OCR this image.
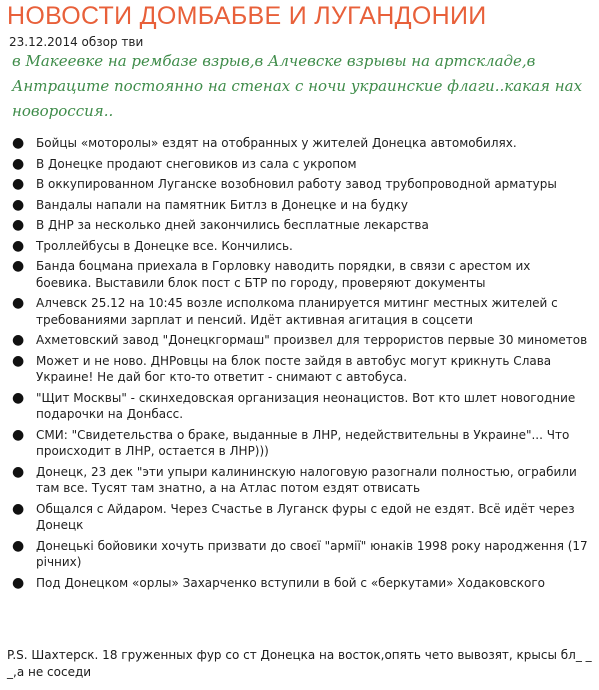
НОВОСТИ ДОМБАБВЕ И ЛУГАНДОНИИ
23.12.2014 обзор тви

в Макеевке на рембазе взрыв,в Алчевске взрывы на артскладе,в Антраците постоянно на стенах с ночи украинские флаги..какая нах новороссия..

● Бойцы «моторолы» ездят на отобранных у жителей Донецка автомобилях.
● В Донецке продают снеговиков из сала с укропом
● В оккупированном Луганске возобновил работу завод трубопроводной арматуры
● Вандалы напали на памятник Битлз в Донецке и на будку
● В ДНР за несколько дней закончились бесплатные лекарства
● Троллейбусы в Донецке все. Кончились.
● Банда боцмана приехала в Горловку наводить порядки, в связи с арестом их боевика. Выставили блок пост с БТР по городу, проверяют документы
● Алчевск 25.12 на 10:45 возле исполкома планируется митинг местных жителей с требованиями зарплат и пенсий. Идёт активная агитация в соцсети
● Ахметовский завод "Донецкгормаш" произвел для террористов первые 30 минометов
● Может и не ново. ДНРовцы на блок посте зайдя в автобус могут крикнуть Слава Украине! Не дай бог кто-то ответит - снимают с автобуса.
● "Щит Москвы" - скинхедовская организация неонацистов. Вот кто шлет новогодние подарочки на Донбасс.
● СМИ: "Свидетельства о браке, выданные в ЛНР, недействительны в Украине"... Что происходит в ЛНР, остается в ЛНР)))
● Донецк, 23 дек "эти упыри калининскую налоговую разогнали полностью, ограбили там все. Тусят там знатно, а на Атлас потом ездят отвисать
● Общался с Айдаром. Через Счастье в Луганск фуры с едой не ездят. Всё идёт через Донецк
● Донецькі бойовики хочуть призвати до своєї "армії" юнаків 1998 року народження (17 річних)
● Под Донецком «орлы» Захарченко вступили в бой с «беркутами» Ходаковского
P.S. Шахтерск. 18 груженных фур со ст Донецка на восток,опять чето вывозят, крысы бл_ _ _,а не соседи
